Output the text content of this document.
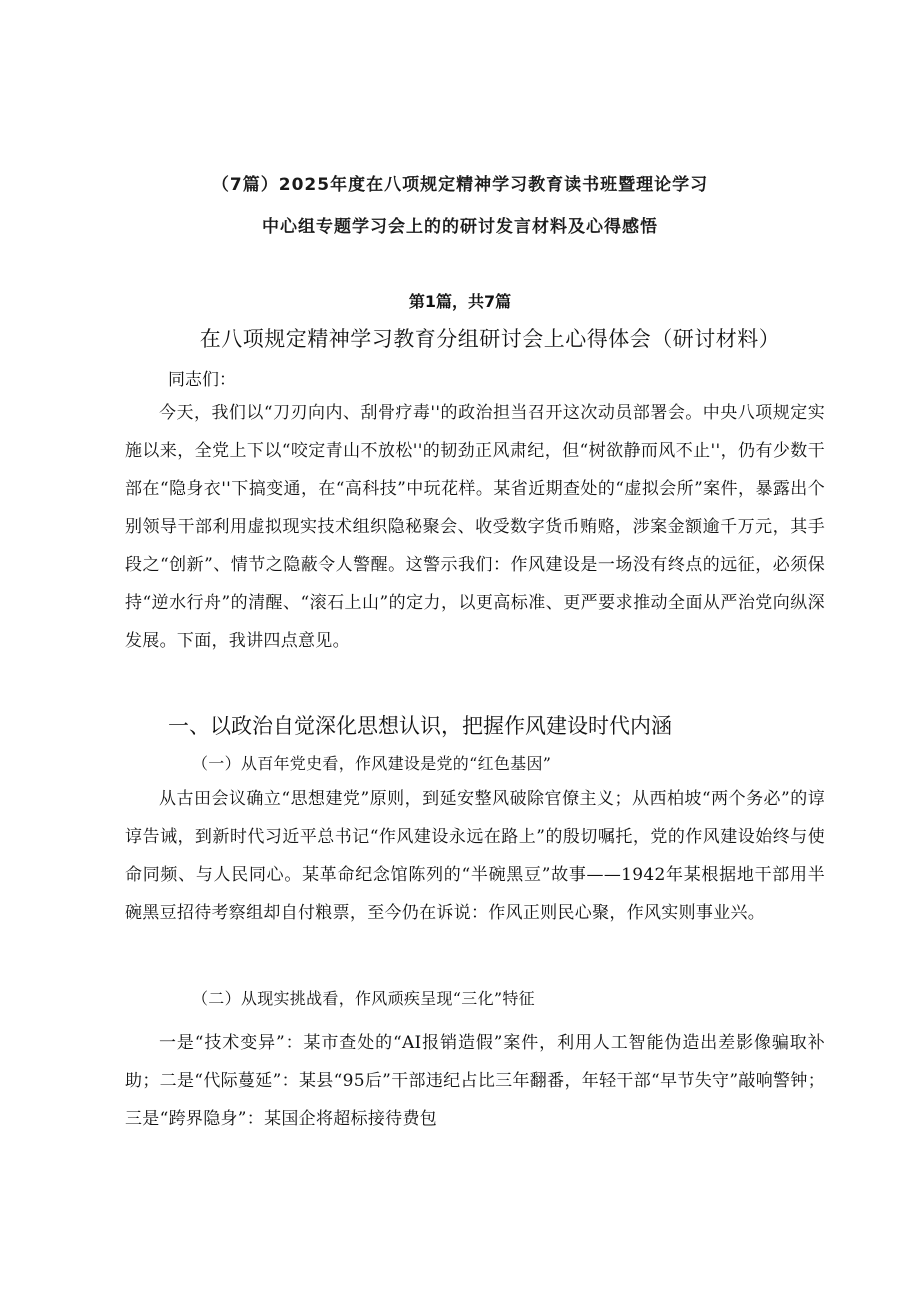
（7篇）2025年度在八项规定精神学习教育读书班暨理论学习
中心组专题学习会上的的研讨发言材料及心得感悟
第1篇，共7篇
在八项规定精神学习教育分组研讨会上心得体会（研讨材料）
同志们：
今天，我们以“刀刃向内、刮骨疗毒''的政治担当召开这次动员部署会。中央八项规定实施以来，全党上下以“咬定青山不放松''的韧劲正风肃纪，但“树欲静而风不止''，仍有少数干部在“隐身衣''下搞变通，在“高科技”中玩花样。某省近期查处的“虚拟会所”案件，暴露出个别领导干部利用虚拟现实技术组织隐秘聚会、收受数字货币贿赂，涉案金额逾千万元，其手段之“创新”、情节之隐蔽令人警醒。这警示我们：作风建设是一场没有终点的远征，必须保持“逆水行舟”的清醒、“滚石上山”的定力，以更高标准、更严要求推动全面从严治党向纵深发展。下面，我讲四点意见。
一、以政治自觉深化思想认识，把握作风建设时代内涵
（一）从百年党史看，作风建设是党的“红色基因”
从古田会议确立“思想建党”原则，到延安整风破除官僚主义；从西柏坡“两个务必”的谆谆告诫，到新时代习近平总书记“作风建设永远在路上”的殷切嘱托，党的作风建设始终与使命同频、与人民同心。某革命纪念馆陈列的“半碗黑豆”故事——1942年某根据地干部用半碗黑豆招待考察组却自付粮票，至今仍在诉说：作风正则民心聚，作风实则事业兴。
（二）从现实挑战看，作风顽疾呈现“三化”特征
一是“技术变异”：某市查处的“AI报销造假”案件，利用人工智能伪造出差影像骗取补助；二是“代际蔓延”：某县“95后”干部违纪占比三年翻番，年轻干部“早节失守”敲响警钟；三是“跨界隐身”：某国企将超标接待费包
